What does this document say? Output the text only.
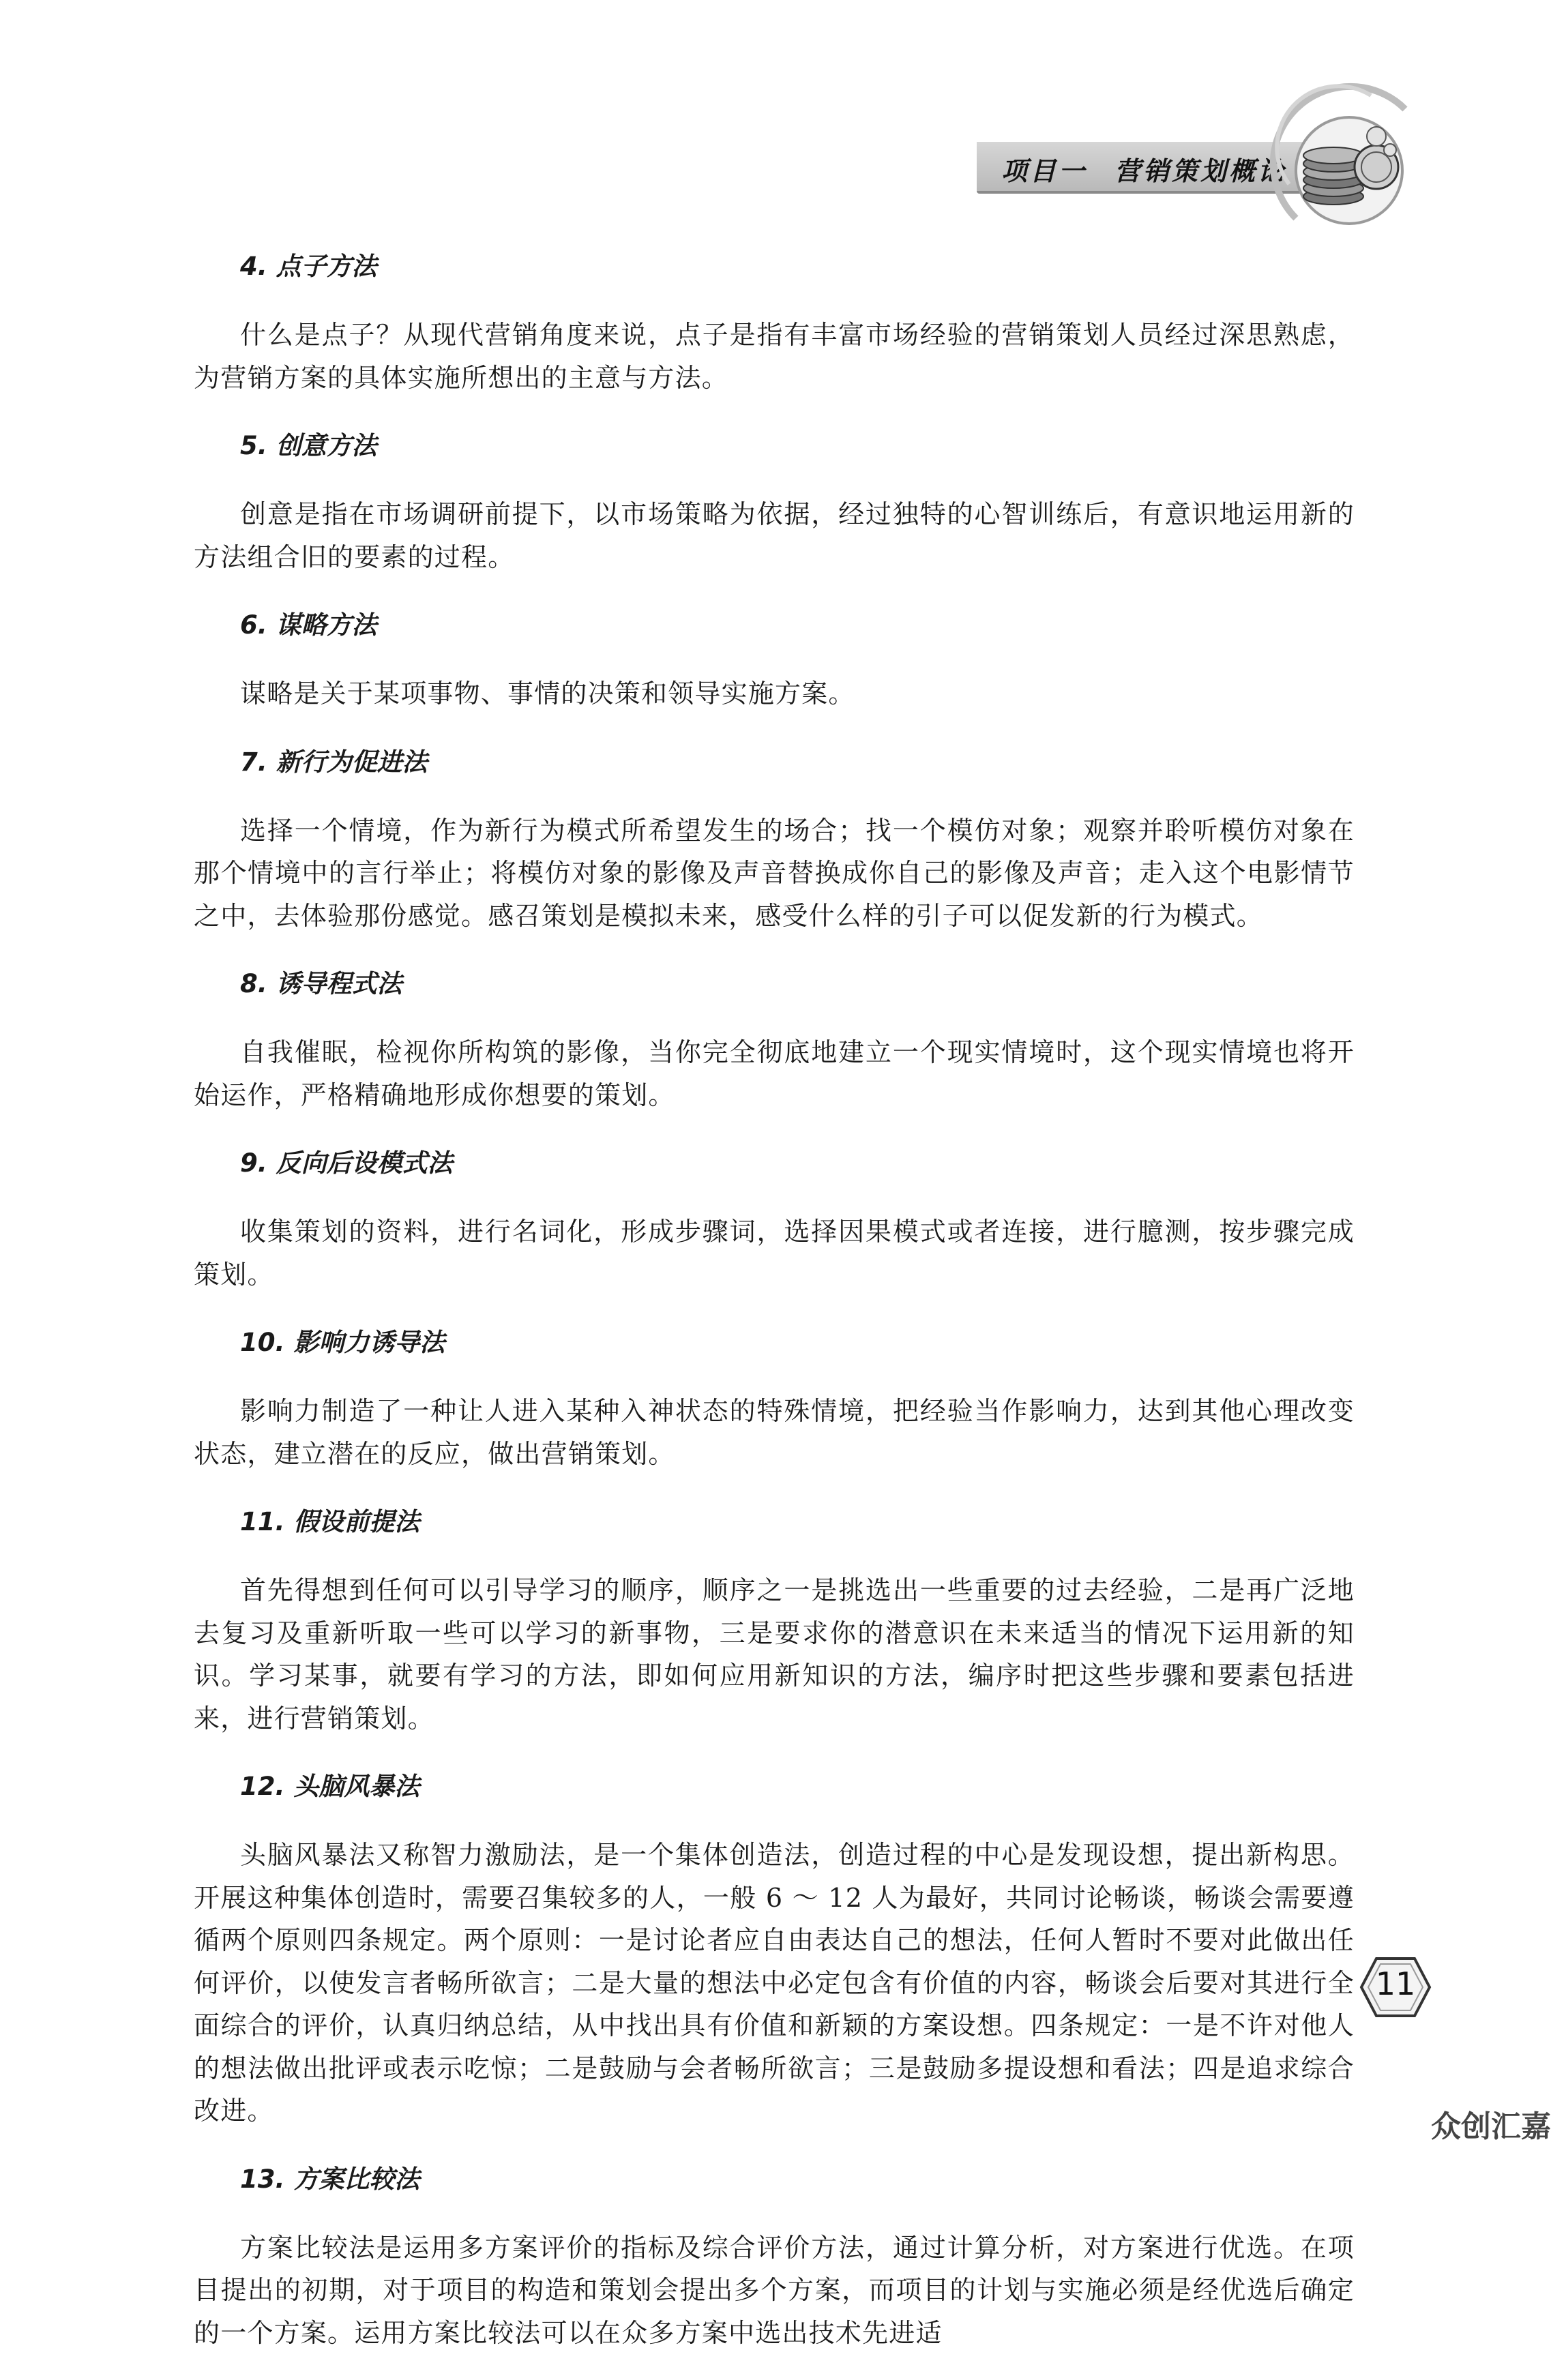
项目一 营销策划概论
4. 点子方法

什么是点子？从现代营销角度来说，点子是指有丰富市场经验的营销策划人员经过深思熟虑，为营销方案的具体实施所想出的主意与方法。

5. 创意方法

创意是指在市场调研前提下，以市场策略为依据，经过独特的心智训练后，有意识地运用新的方法组合旧的要素的过程。

6. 谋略方法

谋略是关于某项事物、事情的决策和领导实施方案。

7. 新行为促进法

选择一个情境，作为新行为模式所希望发生的场合；找一个模仿对象；观察并聆听模仿对象在那个情境中的言行举止；将模仿对象的影像及声音替换成你自己的影像及声音；走入这个电影情节之中，去体验那份感觉。感召策划是模拟未来，感受什么样的引子可以促发新的行为模式。

8. 诱导程式法

自我催眠，检视你所构筑的影像，当你完全彻底地建立一个现实情境时，这个现实情境也将开始运作，严格精确地形成你想要的策划。

9. 反向后设模式法

收集策划的资料，进行名词化，形成步骤词，选择因果模式或者连接，进行臆测，按步骤完成策划。

10. 影响力诱导法

影响力制造了一种让人进入某种入神状态的特殊情境，把经验当作影响力，达到其他心理改变状态，建立潜在的反应，做出营销策划。

11. 假设前提法

首先得想到任何可以引导学习的顺序，顺序之一是挑选出一些重要的过去经验，二是再广泛地去复习及重新听取一些可以学习的新事物，三是要求你的潜意识在未来适当的情况下运用新的知识。学习某事，就要有学习的方法，即如何应用新知识的方法，编序时把这些步骤和要素包括进来，进行营销策划。

12. 头脑风暴法

头脑风暴法又称智力激励法，是一个集体创造法，创造过程的中心是发现设想，提出新构思。开展这种集体创造时，需要召集较多的人，一般 6 ～ 12 人为最好，共同讨论畅谈，畅谈会需要遵循两个原则四条规定。两个原则：一是讨论者应自由表达自己的想法，任何人暂时不要对此做出任何评价，以使发言者畅所欲言；二是大量的想法中必定包含有价值的内容，畅谈会后要对其进行全面综合的评价，认真归纳总结，从中找出具有价值和新颖的方案设想。四条规定：一是不许对他人的想法做出批评或表示吃惊；二是鼓励与会者畅所欲言；三是鼓励多提设想和看法；四是追求综合改进。

13. 方案比较法

方案比较法是运用多方案评价的指标及综合评价方法，通过计算分析，对方案进行优选。在项目提出的初期，对于项目的构造和策划会提出多个方案，而项目的计划与实施必须是经优选后确定的一个方案。运用方案比较法可以在众多方案中选出技术先进适

11
众创汇嘉
